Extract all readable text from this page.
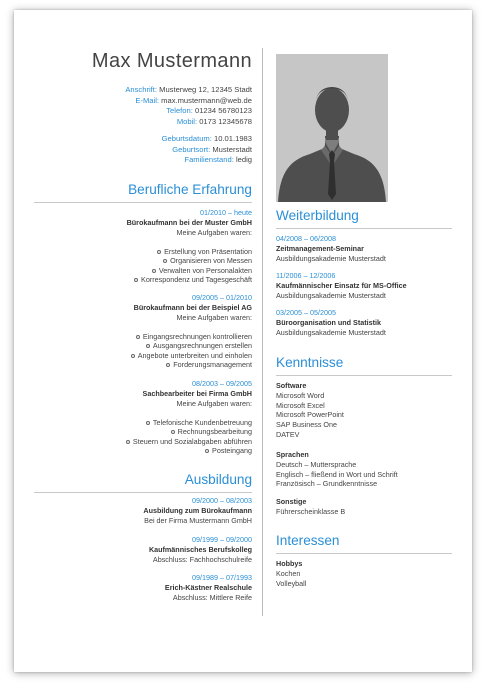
Max Mustermann
Anschrift: Musterweg 12, 12345 Stadt
E-Mail: max.mustermann@web.de
Telefon: 01234 56780123
Mobil: 0173 12345678
Geburtsdatum: 10.01.1983
Geburtsort: Musterstadt
Familienstand: ledig
Berufliche Erfahrung
01/2010 – heute
Bürokaufmann bei der Muster GmbH
Meine Aufgaben waren:
Erstellung von Präsentation
Organisieren von Messen
Verwalten von Personalakten
Korrespondenz und Tagesgeschäft
09/2005 – 01/2010
Bürokaufmann bei der Beispiel AG
Meine Aufgaben waren:
Eingangsrechnungen kontrollieren
Ausgangsrechnungen erstellen
Angebote unterbreiten und einholen
Forderungsmanagement
08/2003 – 09/2005
Sachbearbeiter bei Firma GmbH
Meine Aufgaben waren:
Telefonische Kundenbetreuung
Rechnungsbearbeitung
Steuern und Sozialabgaben abführen
Posteingang
Ausbildung
09/2000 – 08/2003
Ausbildung zum Bürokaufmann
Bei der Firma Mustermann GmbH
09/1999 – 09/2000
Kaufmännisches Berufskolleg
Abschluss: Fachhochschulreife
09/1989 – 07/1993
Erich-Kästner Realschule
Abschluss: Mittlere Reife
Weiterbildung
04/2008 – 06/2008
Zeitmanagement-Seminar
Ausbildungsakademie Musterstadt
11/2006 – 12/2006
Kaufmännischer Einsatz für MS-Office
Ausbildungsakademie Musterstadt
03/2005 – 05/2005
Büroorganisation und Statistik
Ausbildungsakademie Musterstadt
Kenntnisse
Software
Microsoft Word
Microsoft Excel
Microsoft PowerPoint
SAP Business One
DATEV
Sprachen
Deutsch – Muttersprache
Englisch – fließend in Wort und Schrift
Französisch – Grundkenntnisse
Sonstige
Führerscheinklasse B
Interessen
Hobbys
Kochen
Volleyball
